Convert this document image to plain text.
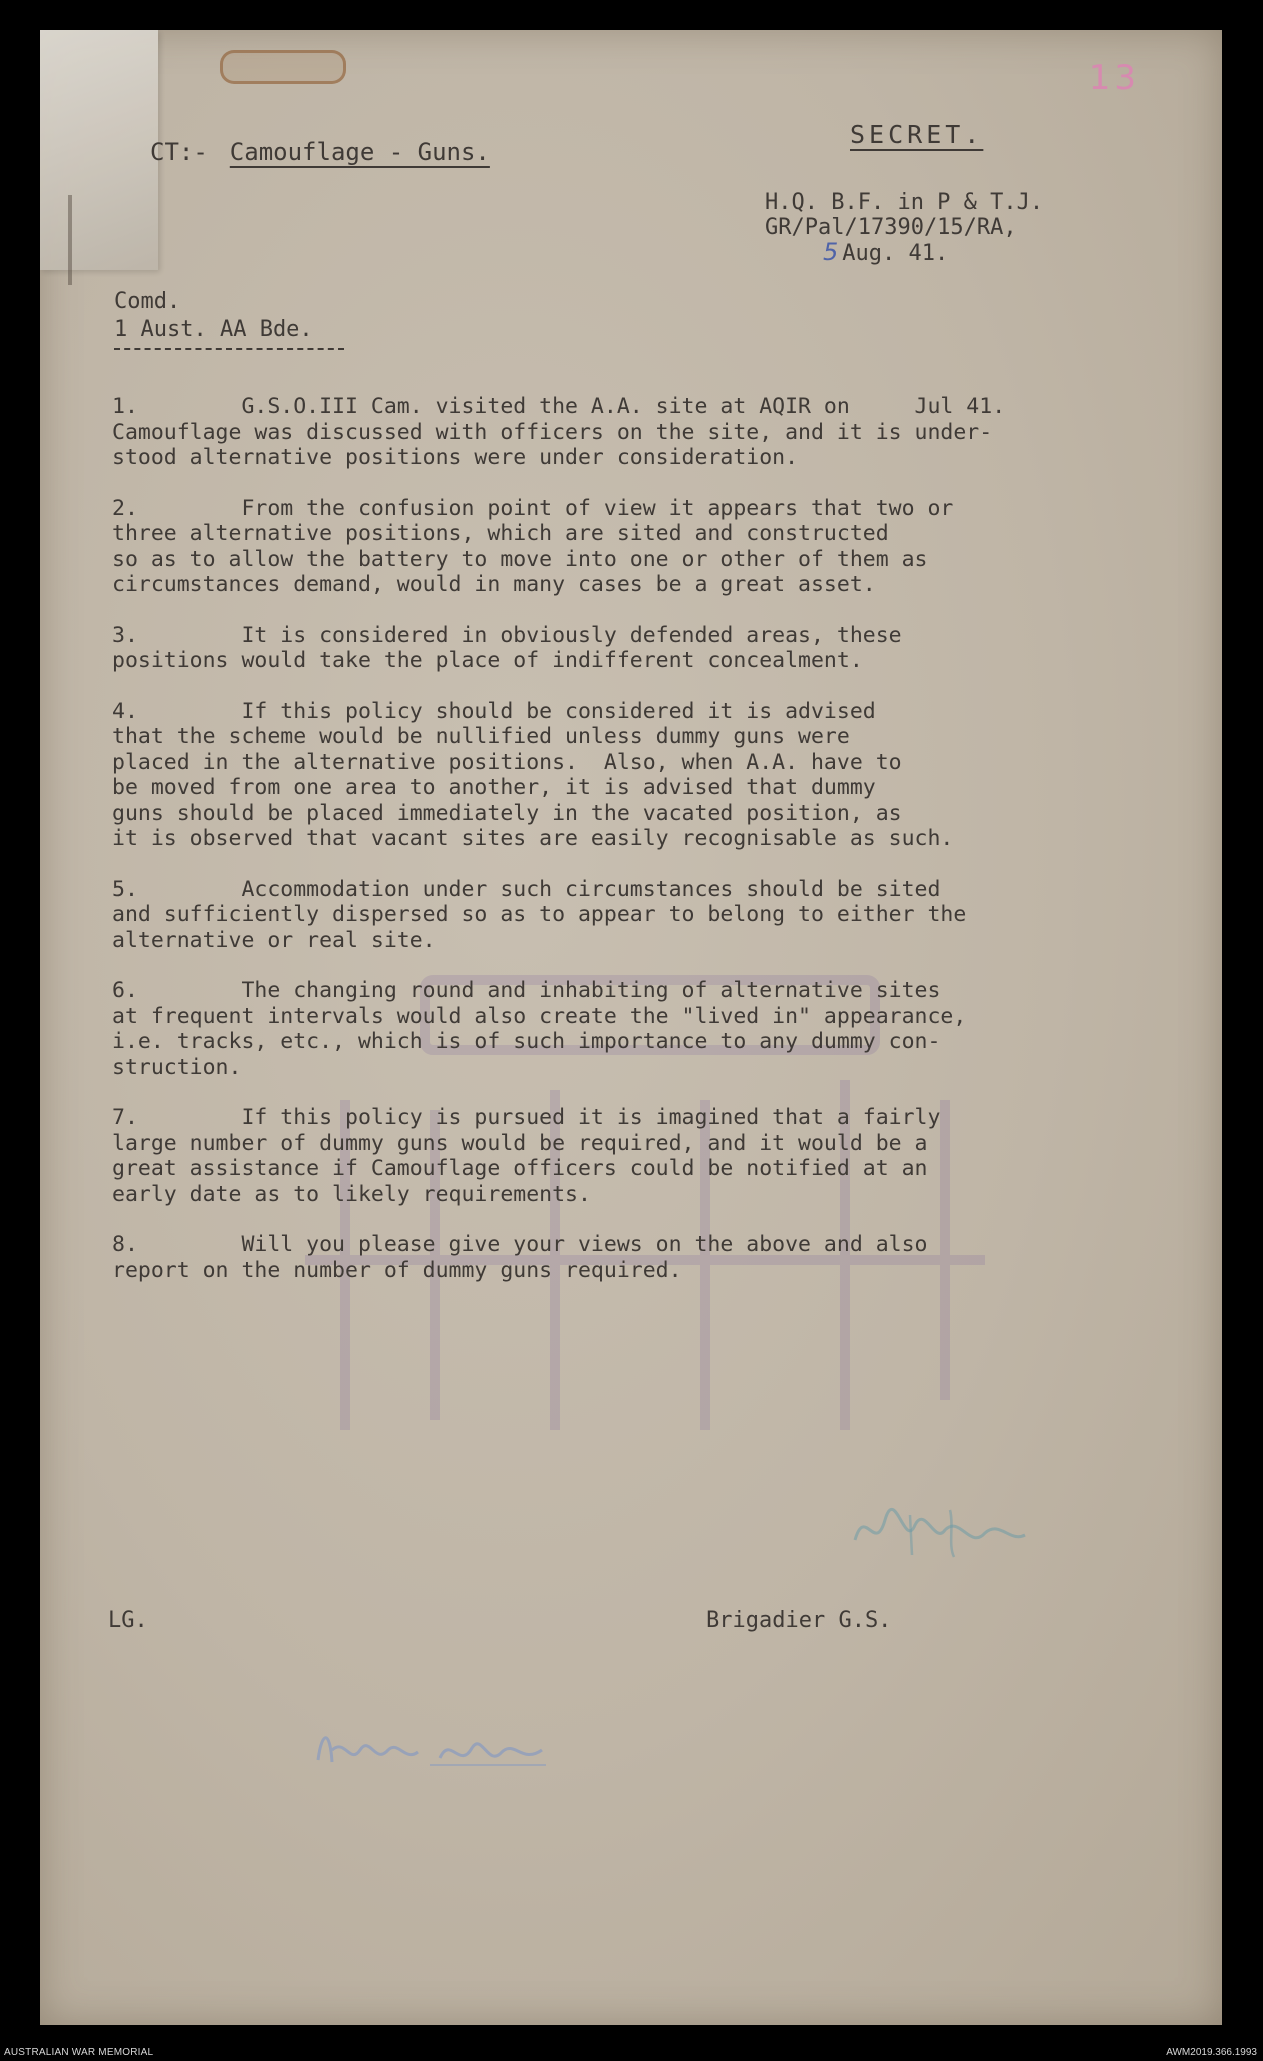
13
CT:- Camouflage - Guns.
SECRET.
H.Q. B.F. in P & T.J.
GR/Pal/17390/15/RA,
5 Aug. 41.
Comd.
1 Aust. AA Bde.

1.        G.S.O.III Cam. visited the A.A. site at AQIR on     Jul 41.
Camouflage was discussed with officers on the site, and it is under-
stood alternative positions were under consideration.

2.        From the confusion point of view it appears that two or
three alternative positions, which are sited and constructed
so as to allow the battery to move into one or other of them as
circumstances demand, would in many cases be a great asset.

3.        It is considered in obviously defended areas, these
positions would take the place of indifferent concealment.

4.        If this policy should be considered it is advised
that the scheme would be nullified unless dummy guns were
placed in the alternative positions.  Also, when A.A. have to
be moved from one area to another, it is advised that dummy
guns should be placed immediately in the vacated position, as
it is observed that vacant sites are easily recognisable as such.

5.        Accommodation under such circumstances should be sited
and sufficiently dispersed so as to appear to belong to either the
alternative or real site.

6.        The changing round and inhabiting of alternative sites
at frequent intervals would also create the "lived in" appearance,
i.e. tracks, etc., which is of such importance to any dummy con-
struction.

7.        If this policy is pursued it is imagined that a fairly
large number of dummy guns would be required, and it would be a
great assistance if Camouflage officers could be notified at an
early date as to likely requirements.

8.        Will you please give your views on the above and also
report on the number of dummy guns required.

LG.	Brigadier G.S.
AUSTRALIAN WAR MEMORIAL	AWM2019.366.1993
